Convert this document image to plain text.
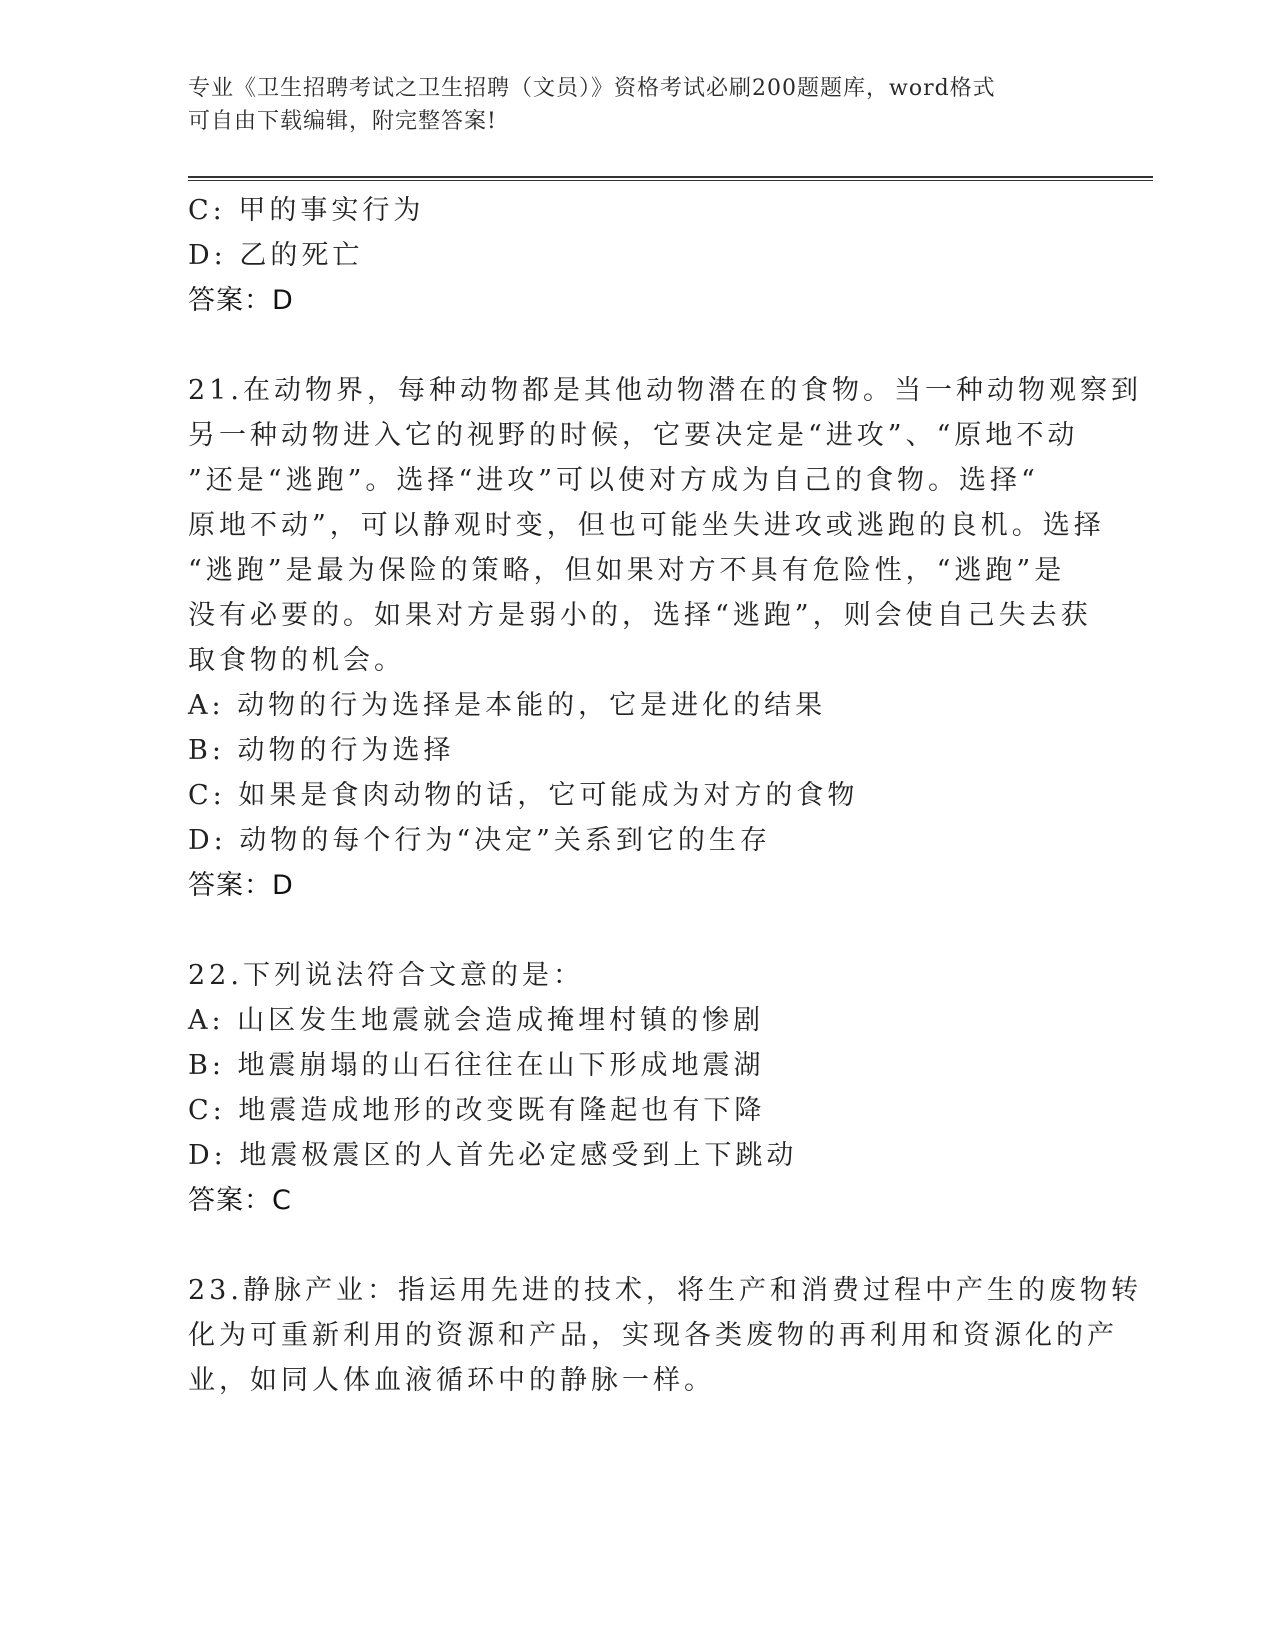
专业《卫生招聘考试之卫生招聘（文员）》资格考试必刷200题题库，word格式
可自由下载编辑，附完整答案!
C: 甲的事实行为
D: 乙的死亡
答案：D
21.在动物界，每种动物都是其他动物潜在的食物。当一种动物观察到
另一种动物进入它的视野的时候，它要决定是“进攻”、“原地不动
”还是“逃跑”。选择“进攻”可以使对方成为自己的食物。选择“
原地不动”，可以静观时变，但也可能坐失进攻或逃跑的良机。选择
“逃跑”是最为保险的策略，但如果对方不具有危险性，“逃跑”是
没有必要的。如果对方是弱小的，选择“逃跑”，则会使自己失去获
取食物的机会。
A: 动物的行为选择是本能的，它是进化的结果
B: 动物的行为选择
C: 如果是食肉动物的话，它可能成为对方的食物
D: 动物的每个行为“决定”关系到它的生存
答案：D
22.下列说法符合文意的是：
A: 山区发生地震就会造成掩埋村镇的惨剧
B: 地震崩塌的山石往往在山下形成地震湖
C: 地震造成地形的改变既有隆起也有下降
D: 地震极震区的人首先必定感受到上下跳动
答案：C
23.静脉产业：指运用先进的技术，将生产和消费过程中产生的废物转
化为可重新利用的资源和产品，实现各类废物的再利用和资源化的产
业，如同人体血液循环中的静脉一样。
